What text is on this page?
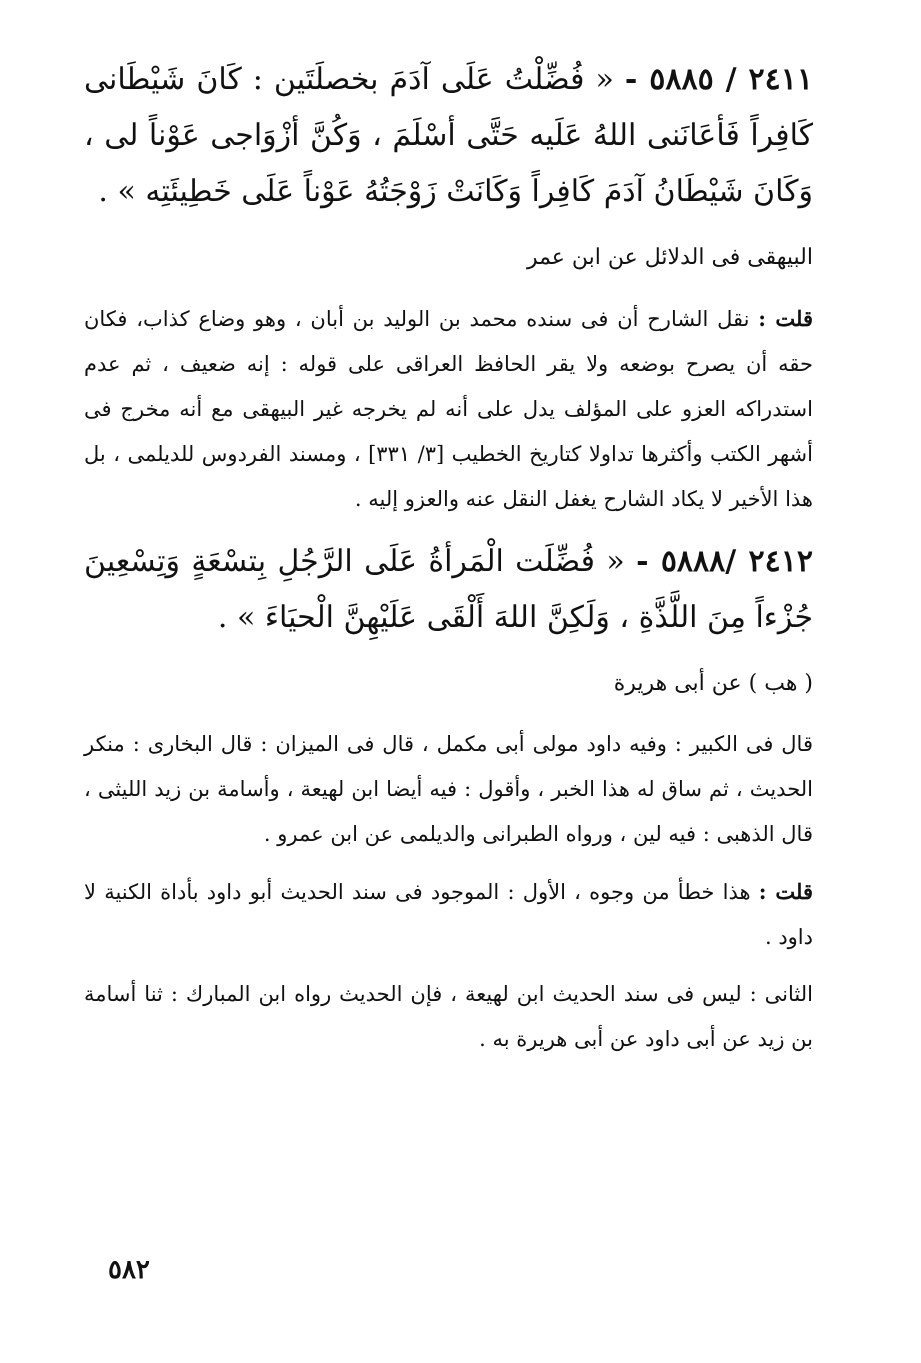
٢٤١١ / ٥٨٨٥ - « فُضِّلْتُ عَلَى آدَمَ بخصلَتَين : كَانَ شَيْطَانى كَافِراً فَأعَانَنى اللهُ عَلَيه حَتَّى أسْلَمَ ، وَكُنَّ أزْوَاجى عَوْناً لى ، وَكَانَ شَيْطَانُ آدَمَ كَافِراً وَكَانَتْ زَوْجَتُهُ عَوْناً عَلَى خَطِيئَتِه » .

البيهقى فى الدلائل عن ابن عمر

قلت : نقل الشارح أن فى سنده محمد بن الوليد بن أبان ، وهو وضاع كذاب، فكان حقه أن يصرح بوضعه ولا يقر الحافظ العراقى على قوله : إنه ضعيف ، ثم عدم استدراكه العزو على المؤلف يدل على أنه لم يخرجه غير البيهقى مع أنه مخرج فى أشهر الكتب وأكثرها تداولا كتاريخ الخطيب [٣/ ٣٣١] ، ومسند الفردوس للديلمى ، بل هذا الأخير لا يكاد الشارح يغفل النقل عنه والعزو إليه .

٢٤١٢ /٥٨٨٨ - « فُضِّلَت الْمَرأةُ عَلَى الرَّجُلِ بِتسْعَةٍ وَتِسْعِينَ جُزْءاً مِنَ اللَّذَّةِ ، وَلَكِنَّ اللهَ أَلْقَى عَلَيْهِنَّ الْحيَاءَ » .

( هب ) عن أبى هريرة

قال فى الكبير : وفيه داود مولى أبى مكمل ، قال فى الميزان : قال البخارى : منكر الحديث ، ثم ساق له هذا الخبر ، وأقول : فيه أيضا ابن لهيعة ، وأسامة بن زيد الليثى ، قال الذهبى : فيه لين ، ورواه الطبرانى والديلمى عن ابن عمرو .

قلت : هذا خطأ من وجوه ، الأول : الموجود فى سند الحديث أبو داود بأداة الكنية لا داود .

الثانى : ليس فى سند الحديث ابن لهيعة ، فإن الحديث رواه ابن المبارك : ثنا أسامة بن زيد عن أبى داود عن أبى هريرة به .

٥٨٢
